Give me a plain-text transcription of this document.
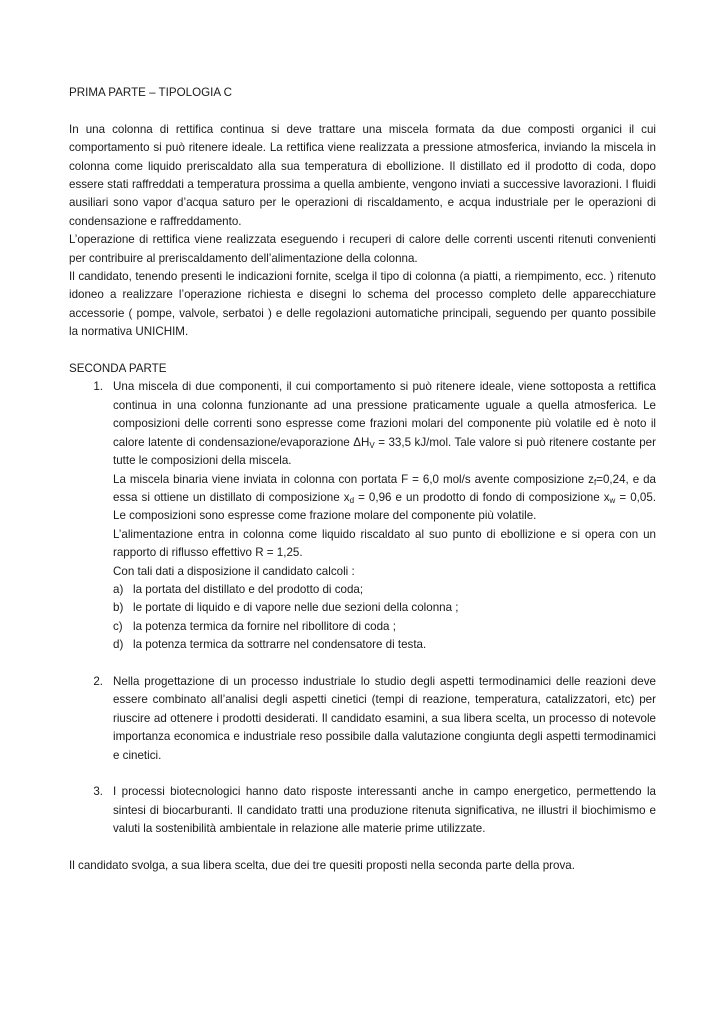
PRIMA PARTE – TIPOLOGIA C

In una colonna di rettifica continua si deve trattare una miscela formata da due composti organici il cui comportamento si può ritenere ideale. La rettifica viene realizzata a pressione atmosferica, inviando la miscela in colonna come liquido preriscaldato alla sua temperatura di ebollizione. Il distillato ed il prodotto di coda, dopo essere stati raffreddati a temperatura prossima a quella ambiente, vengono inviati a successive lavorazioni. I fluidi ausiliari sono vapor d’acqua saturo per le operazioni di riscaldamento, e acqua industriale per le operazioni di condensazione e raffreddamento.

L’operazione di rettifica viene realizzata eseguendo i recuperi di calore delle correnti uscenti ritenuti convenienti per contribuire al preriscaldamento dell’alimentazione della colonna.

Il candidato, tenendo presenti le indicazioni fornite, scelga il tipo di colonna (a piatti, a riempimento, ecc. ) ritenuto idoneo a realizzare l’operazione richiesta e disegni lo schema del processo completo delle apparecchiature accessorie ( pompe, valvole, serbatoi ) e delle regolazioni automatiche principali, seguendo per quanto possibile la normativa UNICHIM.

SECONDA PARTE

1. Una miscela di due componenti, il cui comportamento si può ritenere ideale, viene sottoposta a rettifica continua in una colonna funzionante ad una pressione praticamente uguale a quella atmosferica. Le composizioni delle correnti sono espresse come frazioni molari del componente più volatile ed è noto il calore latente di condensazione/evaporazione $\Delta H_V = 33,5$ kJ/mol. Tale valore si può ritenere costante per tutte le composizioni della miscela.

La miscela binaria viene inviata in colonna con portata F = 6,0 mol/s avente composizione $z_f=0,24$, e da essa si ottiene un distillato di composizione $x_d = 0,96$ e un prodotto di fondo di composizione $x_w = 0,05$. Le composizioni sono espresse come frazione molare del componente più volatile.

L’alimentazione entra in colonna come liquido riscaldato al suo punto di ebollizione e si opera con un rapporto di riflusso effettivo R = 1,25.

Con tali dati a disposizione il candidato calcoli :

a) la portata del distillato e del prodotto di coda;
b) le portate di liquido e di vapore nelle due sezioni della colonna ;
c) la potenza termica da fornire nel ribollitore di coda ;
d) la potenza termica da sottrarre nel condensatore di testa.
2. Nella progettazione di un processo industriale lo studio degli aspetti termodinamici delle reazioni deve essere combinato all’analisi degli aspetti cinetici (tempi di reazione, temperatura, catalizzatori, etc) per riuscire ad ottenere i prodotti desiderati. Il candidato esamini, a sua libera scelta, un processo di notevole importanza economica e industriale reso possibile dalla valutazione congiunta degli aspetti termodinamici e cinetici.

3. I processi biotecnologici hanno dato risposte interessanti anche in campo energetico, permettendo la sintesi di biocarburanti. Il candidato tratti una produzione ritenuta significativa, ne illustri il biochimismo e valuti la sostenibilità ambientale in relazione alle materie prime utilizzate.

Il candidato svolga, a sua libera scelta, due dei tre quesiti proposti nella seconda parte della prova.
